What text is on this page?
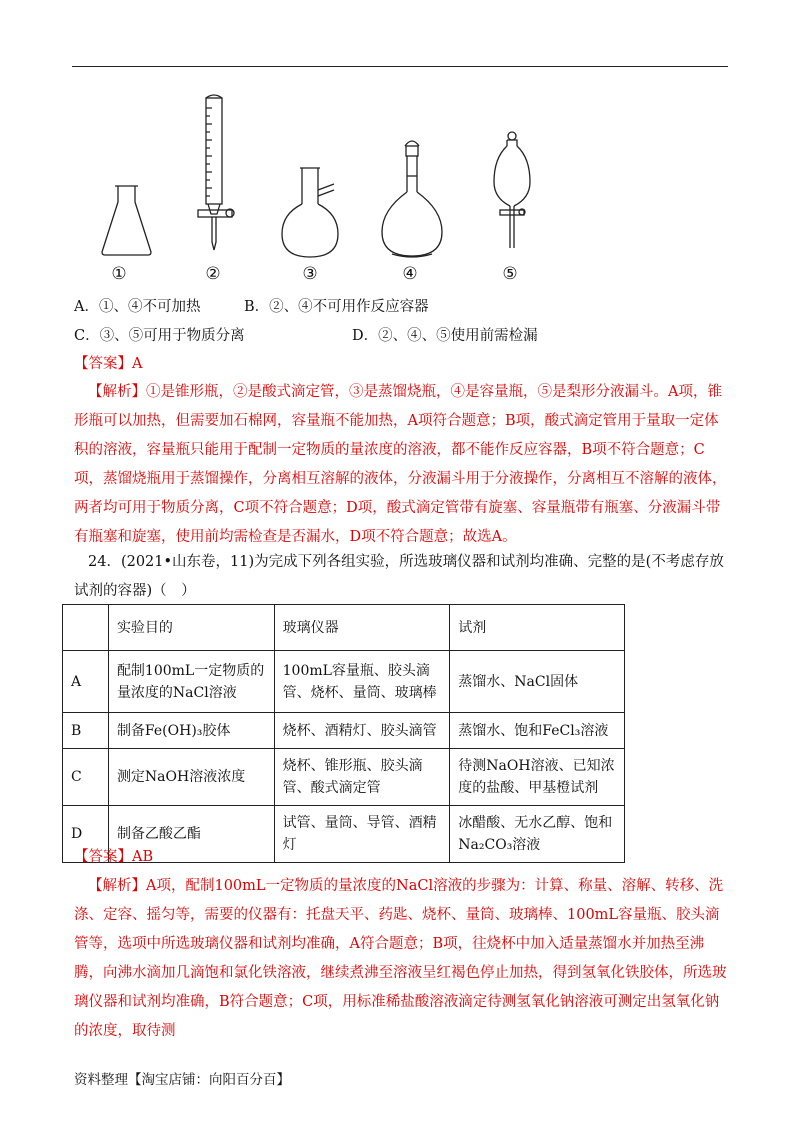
①	②	③	④	⑤
A．①、④不可加热	B．②、④不可用作反应容器
C．③、⑤可用于物质分离	D．②、④、⑤使用前需检漏
【答案】A
【解析】①是锥形瓶，②是酸式滴定管，③是蒸馏烧瓶，④是容量瓶，⑤是梨形分液漏斗。A项，锥形瓶可以加热，但需要加石棉网，容量瓶不能加热，A项符合题意；B项，酸式滴定管用于量取一定体积的溶液，容量瓶只能用于配制一定物质的量浓度的溶液，都不能作反应容器，B项不符合题意；C项，蒸馏烧瓶用于蒸馏操作，分离相互溶解的液体，分液漏斗用于分液操作，分离相互不溶解的液体，两者均可用于物质分离，C项不符合题意；D项，酸式滴定管带有旋塞、容量瓶带有瓶塞、分液漏斗带有瓶塞和旋塞，使用前均需检查是否漏水，D项不符合题意；故选A。
24．(2021•山东卷，11)为完成下列各组实验，所选玻璃仪器和试剂均准确、完整的是(不考虑存放试剂的容器)（　）
	实验目的	玻璃仪器	试剂
A	配制100mL一定物质的量浓度的NaCl溶液	100mL容量瓶、胶头滴管、烧杯、量筒、玻璃棒	蒸馏水、NaCl固体
B	制备Fe(OH)₃胶体	烧杯、酒精灯、胶头滴管	蒸馏水、饱和FeCl₃溶液
C	测定NaOH溶液浓度	烧杯、锥形瓶、胶头滴管、酸式滴定管	待测NaOH溶液、已知浓度的盐酸、甲基橙试剂
D	制备乙酸乙酯	试管、量筒、导管、酒精灯	冰醋酸、无水乙醇、饱和Na₂CO₃溶液
【答案】AB
【解析】A项，配制100mL一定物质的量浓度的NaCl溶液的步骤为：计算、称量、溶解、转移、洗涤、定容、摇匀等，需要的仪器有：托盘天平、药匙、烧杯、量筒、玻璃棒、100mL容量瓶、胶头滴管等，选项中所选玻璃仪器和试剂均准确，A符合题意；B项，往烧杯中加入适量蒸馏水并加热至沸腾，向沸水滴加几滴饱和氯化铁溶液，继续煮沸至溶液呈红褐色停止加热，得到氢氧化铁胶体，所选玻璃仪器和试剂均准确，B符合题意；C项，用标准稀盐酸溶液滴定待测氢氧化钠溶液可测定出氢氧化钠的浓度，取待测
资料整理【淘宝店铺：向阳百分百】
